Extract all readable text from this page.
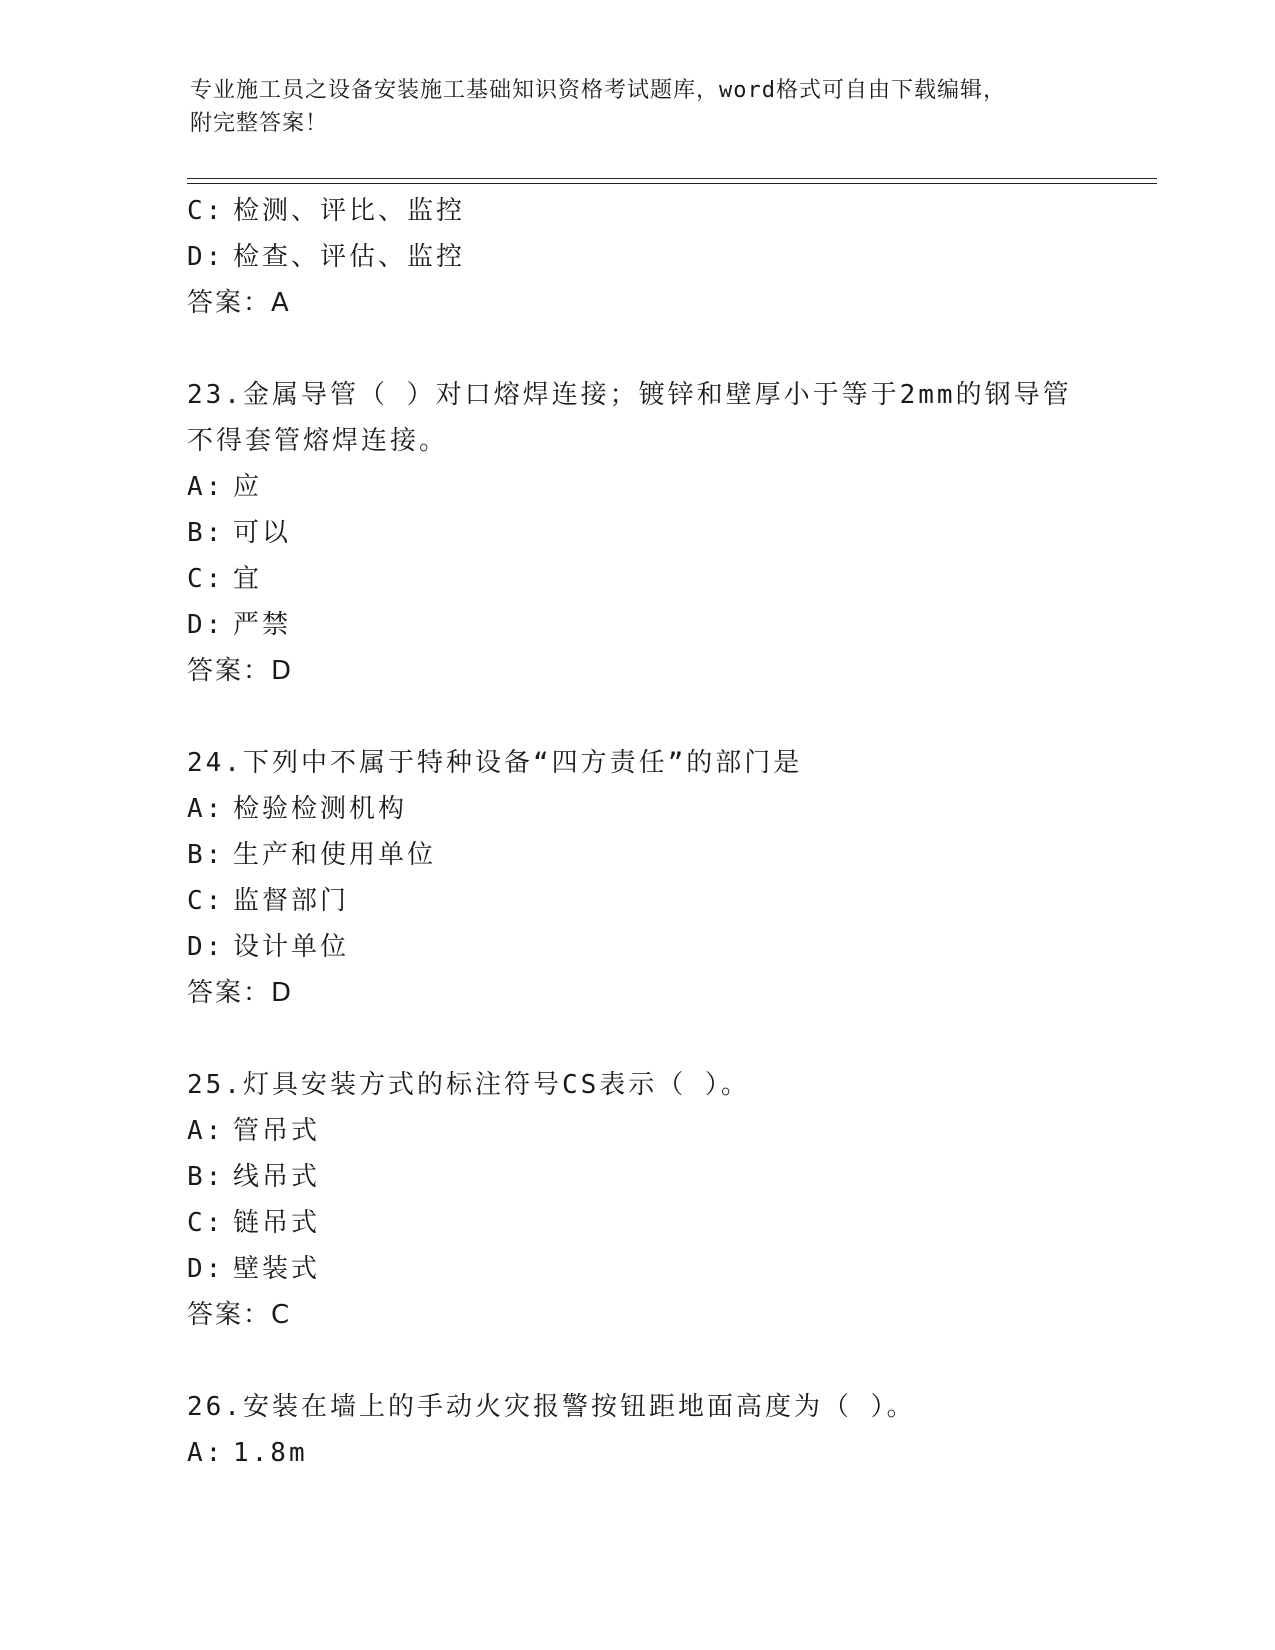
专业施工员之设备安装施工基础知识资格考试题库，word格式可自由下载编辑，
附完整答案！
C: 检测、评比、监控
D: 检查、评估、监控
答案：A
23.金属导管（ ）对口熔焊连接；镀锌和壁厚小于等于2mm的钢导管
不得套管熔焊连接。
A: 应
B: 可以
C: 宜
D: 严禁
答案：D
24.下列中不属于特种设备“四方责任”的部门是
A: 检验检测机构
B: 生产和使用单位
C: 监督部门
D: 设计单位
答案：D
25.灯具安装方式的标注符号CS表示（ ）。
A: 管吊式
B: 线吊式
C: 链吊式
D: 壁装式
答案：C
26.安装在墙上的手动火灾报警按钮距地面高度为（ ）。
A: 1.8m
